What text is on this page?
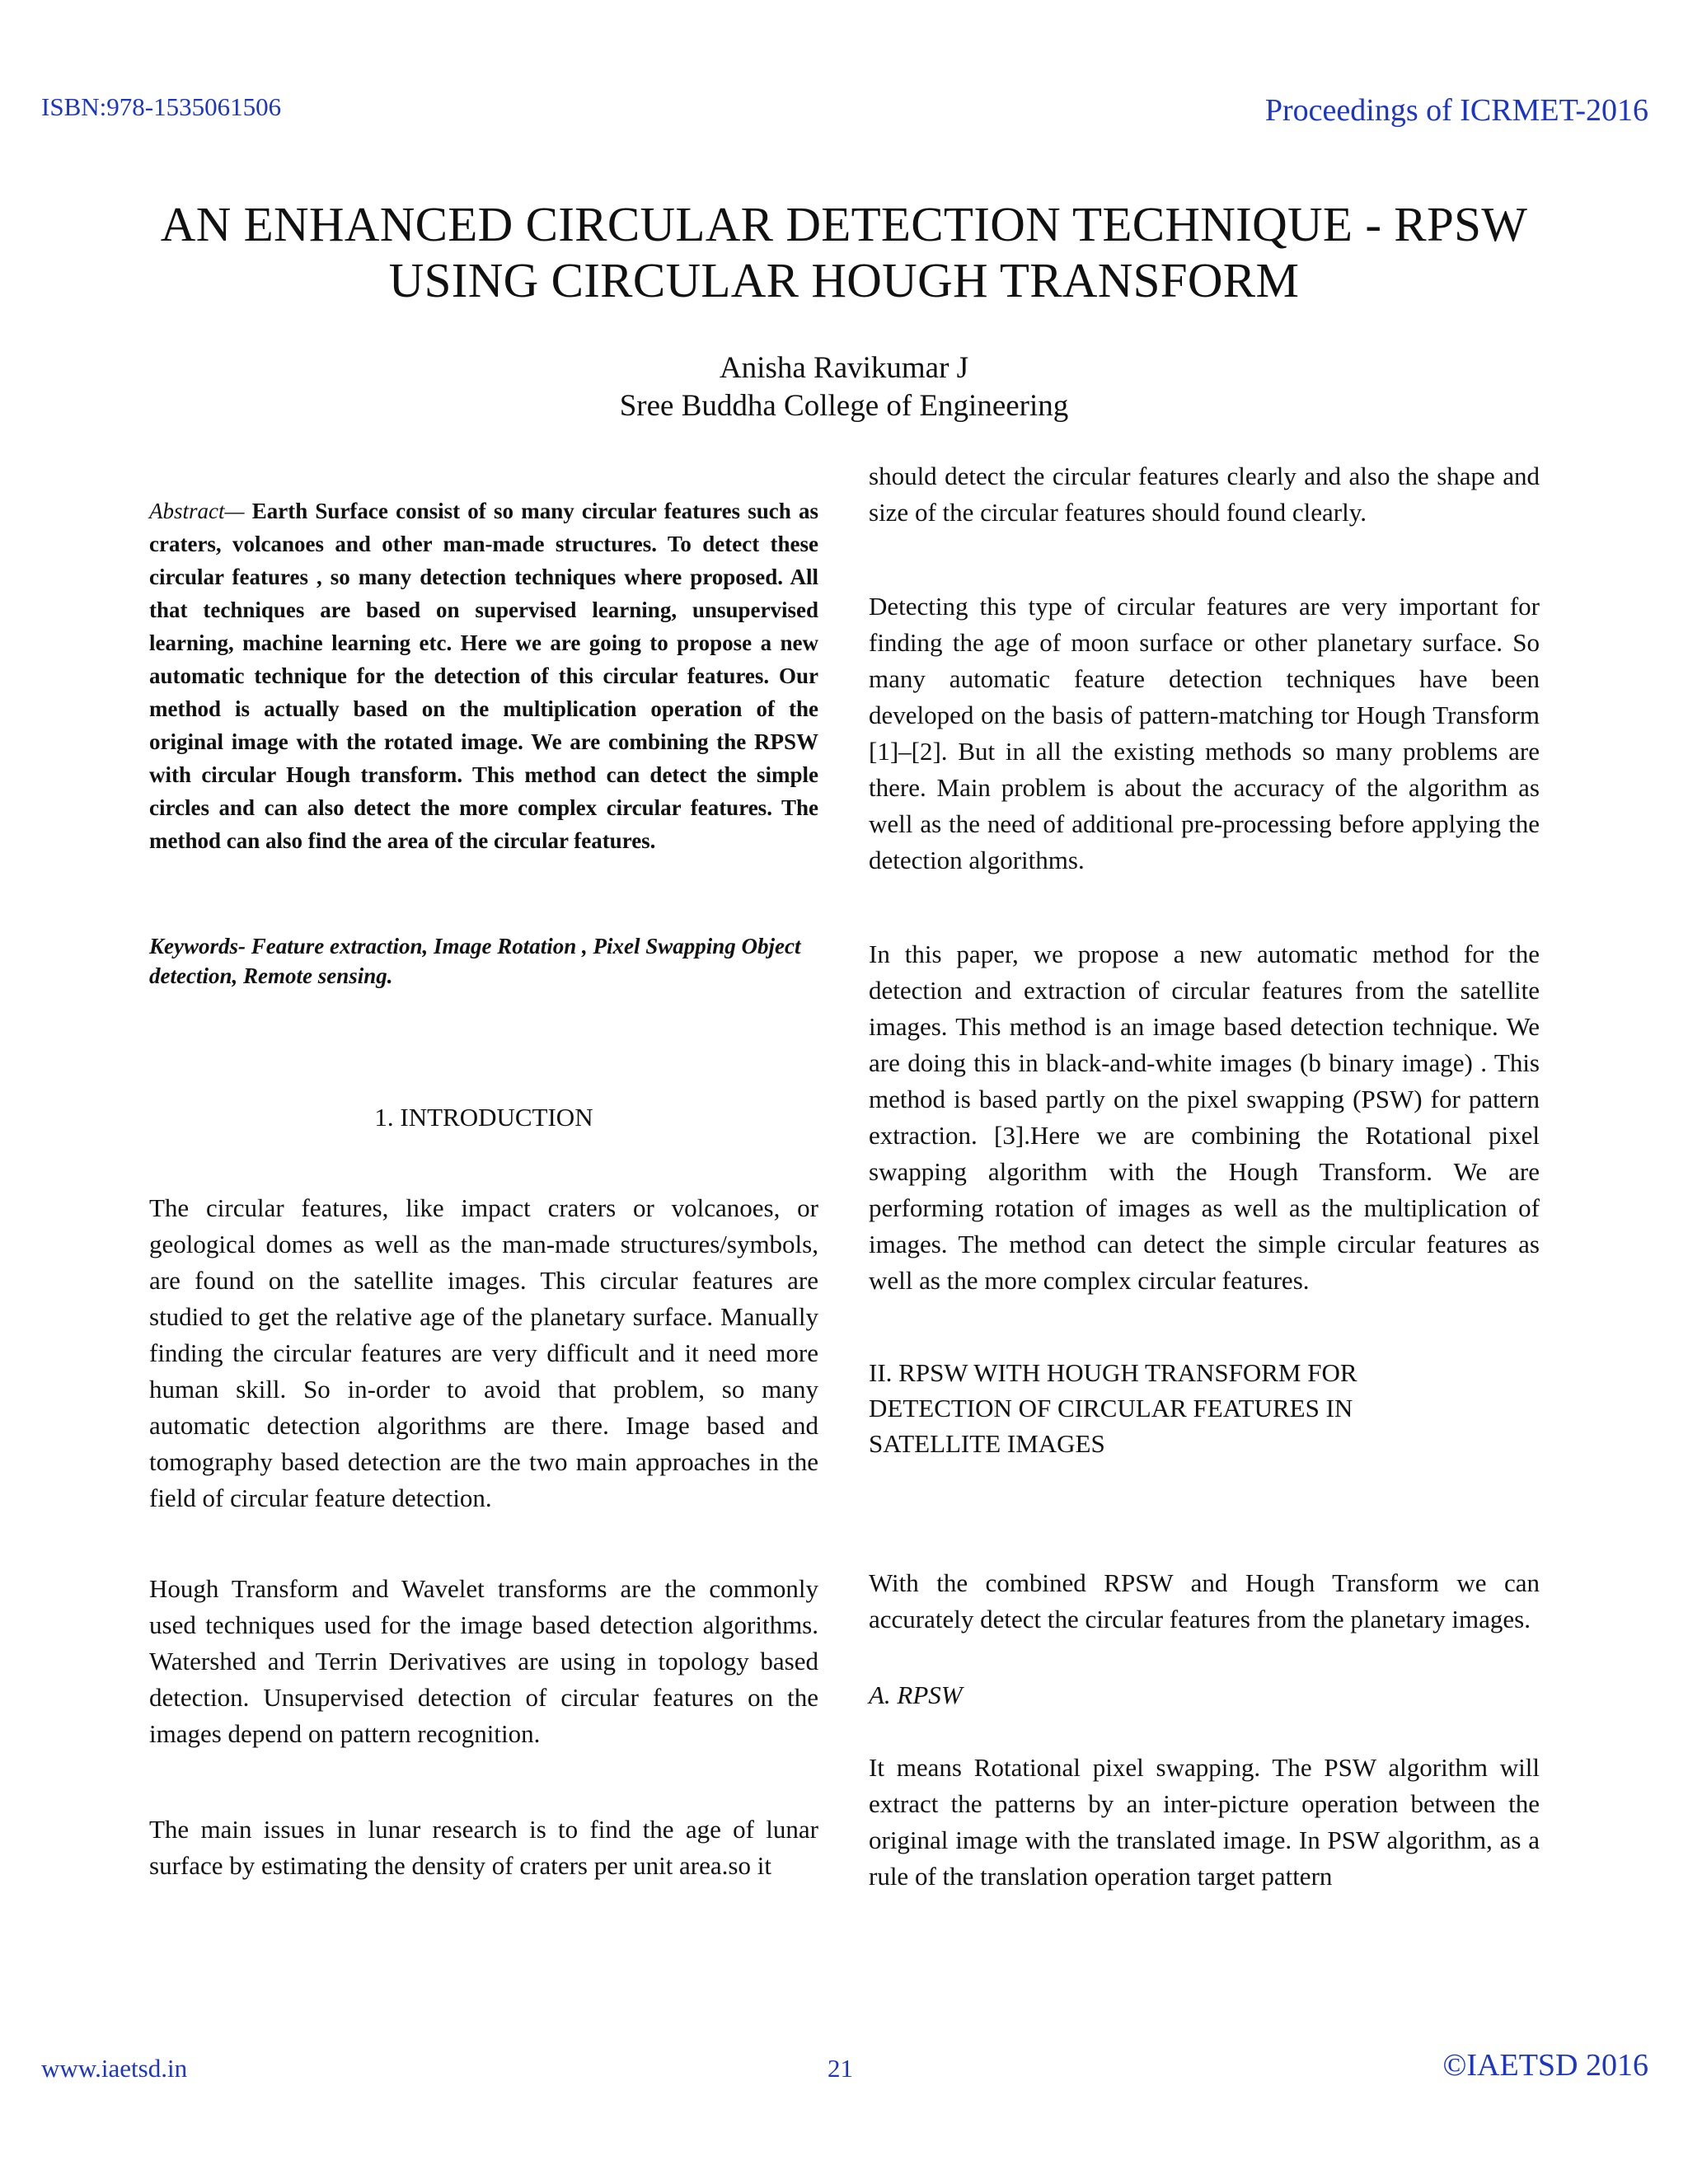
ISBN:978-1535061506	Proceedings of ICRMET-2016
AN ENHANCED CIRCULAR DETECTION TECHNIQUE - RPSW
USING CIRCULAR HOUGH TRANSFORM
Anisha Ravikumar J
Sree Buddha College of Engineering

Abstract— Earth Surface consist of so many circular features such as craters, volcanoes and other man-made structures. To detect these circular features , so many detection techniques where proposed. All that techniques are based on supervised learning, unsupervised learning, machine learning etc. Here we are going to propose a new automatic technique for the detection of this circular features. Our method is actually based on the multiplication operation of the original image with the rotated image. We are combining the RPSW with circular Hough transform. This method can detect the simple circles and can also detect the more complex circular features. The method can also find the area of the circular features.

Keywords- Feature extraction, Image Rotation , Pixel Swapping Object detection, Remote sensing.

1. INTRODUCTION

The circular features, like impact craters or volcanoes, or geological domes as well as the man-made structures/symbols, are found on the satellite images. This circular features are studied to get the relative age of the planetary surface. Manually finding the circular features are very difficult and it need more human skill. So in-order to avoid that problem, so many automatic detection algorithms are there. Image based and tomography based detection are the two main approaches in the field of circular feature detection.

Hough Transform and Wavelet transforms are the commonly used techniques used for the image based detection algorithms. Watershed and Terrin Derivatives are using in topology based detection. Unsupervised detection of circular features on the images depend on pattern recognition.

The main issues in lunar research is to find the age of lunar surface by estimating the density of craters per unit area.so it

should detect the circular features clearly and also the shape and size of the circular features should found clearly.

Detecting this type of circular features are very important for finding the age of moon surface or other planetary surface. So many automatic feature detection techniques have been developed on the basis of pattern-matching tor Hough Transform [1]–[2]. But in all the existing methods so many problems are there. Main problem is about the accuracy of the algorithm as well as the need of additional pre-processing before applying the detection algorithms.

In this paper, we propose a new automatic method for the detection and extraction of circular features from the satellite images. This method is an image based detection technique. We are doing this in black-and-white images (b binary image) . This method is based partly on the pixel swapping (PSW) for pattern extraction. [3].Here we are combining the Rotational pixel swapping algorithm with the Hough Transform. We are performing rotation of images as well as the multiplication of images. The method can detect the simple circular features as well as the more complex circular features.

II. RPSW WITH HOUGH TRANSFORM FOR DETECTION OF CIRCULAR FEATURES IN SATELLITE IMAGES

With the combined RPSW and Hough Transform we can accurately detect the circular features from the planetary images.

A. RPSW

It means Rotational pixel swapping. The PSW algorithm will extract the patterns by an inter-picture operation between the original image with the translated image. In PSW algorithm, as a rule of the translation operation target pattern

www.iaetsd.in	21	©IAETSD 2016
